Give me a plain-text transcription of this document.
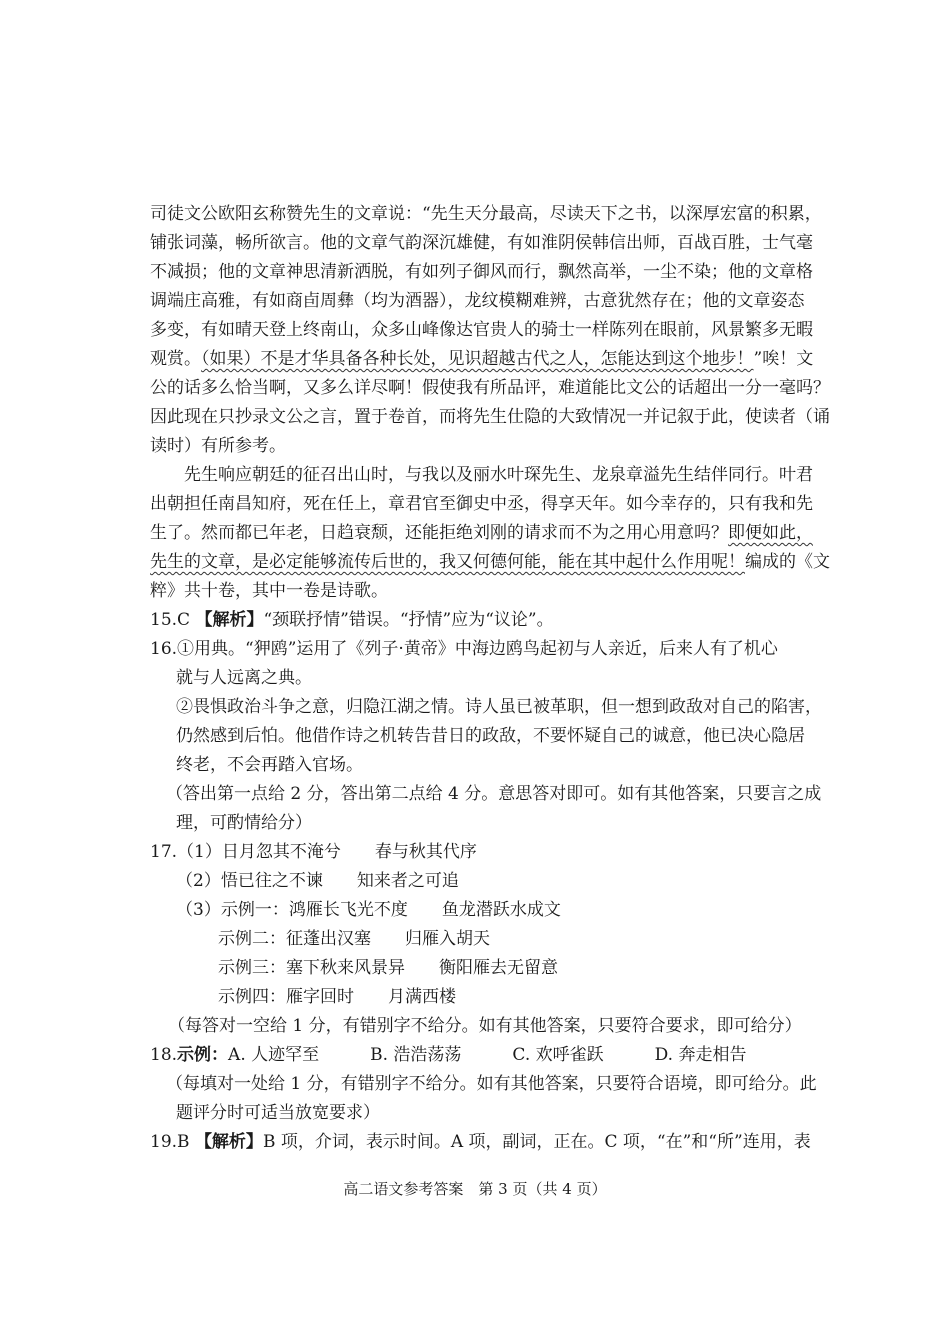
司徒文公欧阳玄称赞先生的文章说：“先生天分最高，尽读天下之书，以深厚宏富的积累，
铺张词藻，畅所欲言。他的文章气韵深沉雄健，有如淮阴侯韩信出师，百战百胜，士气毫
不减损；他的文章神思清新洒脱，有如列子御风而行，飘然高举，一尘不染；他的文章格
调端庄高雅，有如商卣周彝（均为酒器），龙纹模糊难辨，古意犹然存在；他的文章姿态
多变，有如晴天登上终南山，众多山峰像达官贵人的骑士一样陈列在眼前，风景繁多无暇
观赏。（如果）不是才华具备各种长处，见识超越古代之人，怎能达到这个地步！”唉！文
公的话多么恰当啊，又多么详尽啊！假使我有所品评，难道能比文公的话超出一分一毫吗？
因此现在只抄录文公之言，置于卷首，而将先生仕隐的大致情况一并记叙于此，使读者（诵
读时）有所参考。
先生响应朝廷的征召出山时，与我以及丽水叶琛先生、龙泉章溢先生结伴同行。叶君
出朝担任南昌知府，死在任上，章君官至御史中丞，得享天年。如今幸存的，只有我和先
生了。然而都已年老，日趋衰颓，还能拒绝刘刚的请求而不为之用心用意吗？即便如此，
先生的文章，是必定能够流传后世的，我又何德何能，能在其中起什么作用呢！编成的《文
粹》共十卷，其中一卷是诗歌。
15.C 【解析】“颈联抒情”错误。“抒情”应为“议论”。
16.①用典。“狎鸥”运用了《列子·黄帝》中海边鸥鸟起初与人亲近，后来人有了机心
就与人远离之典。
②畏惧政治斗争之意，归隐江湖之情。诗人虽已被革职，但一想到政敌对自己的陷害，
仍然感到后怕。他借作诗之机转告昔日的政敌，不要怀疑自己的诚意，他已决心隐居
终老，不会再踏入官场。
（答出第一点给 2 分，答出第二点给 4 分。意思答对即可。如有其他答案，只要言之成
理，可酌情给分）
17.（1）日月忽其不淹兮　　春与秋其代序
（2）悟已往之不谏　　知来者之可追
（3）示例一：鸿雁长飞光不度　　鱼龙潜跃水成文
示例二：征蓬出汉塞　　归雁入胡天
示例三：塞下秋来风景异　　衡阳雁去无留意
示例四：雁字回时　　月满西楼
（每答对一空给 1 分，有错别字不给分。如有其他答案，只要符合要求，即可给分）
18.示例：A. 人迹罕至　　　B. 浩浩荡荡　　　C. 欢呼雀跃　　　D. 奔走相告
（每填对一处给 1 分，有错别字不给分。如有其他答案，只要符合语境，即可给分。此
题评分时可适当放宽要求）
19.B 【解析】B 项，介词，表示时间。A 项，副词，正在。C 项，“在”和“所”连用，表
高二语文参考答案　第 3 页（共 4 页）
